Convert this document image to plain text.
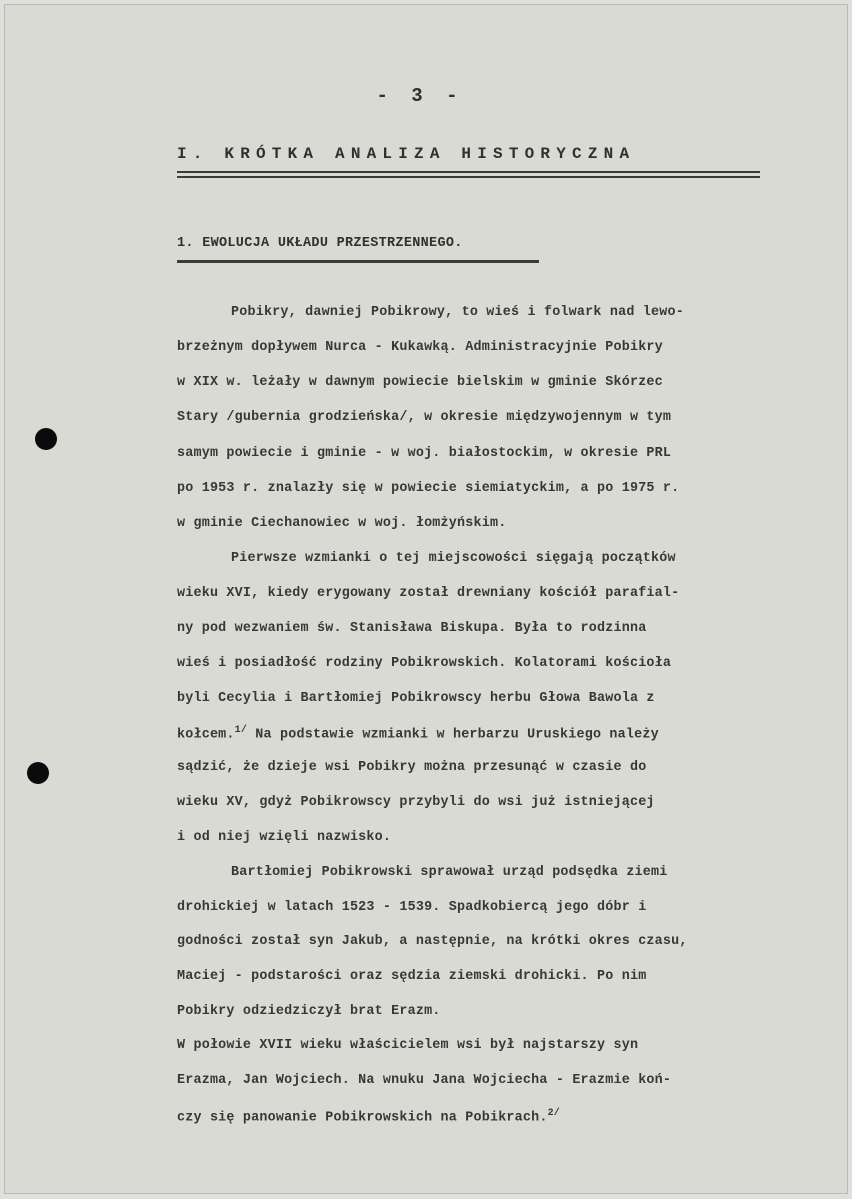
- 3 -
I. KRÓTKA ANALIZA HISTORYCZNA
1. EWOLUCJA UKŁADU PRZESTRZENNEGO.
Pobikry, dawniej Pobikrowy, to wieś i folwark nad lewo-
brzeżnym dopływem Nurca - Kukawką. Administracyjnie Pobikry
w XIX w. leżały w dawnym powiecie bielskim w gminie Skórzec
Stary /gubernia grodzieńska/, w okresie międzywojennym w tym
samym powiecie i gminie - w woj. białostockim, w okresie PRL
po 1953 r. znalazły się w powiecie siemiatyckim, a po 1975 r.
w gminie Ciechanowiec w woj. łomżyńskim.
Pierwsze wzmianki o tej miejscowości sięgają początków
wieku XVI, kiedy erygowany został drewniany kościół parafial-
ny pod wezwaniem św. Stanisława Biskupa. Była to rodzinna
wieś i posiadłość rodziny Pobikrowskich. Kolatorami kościoła
byli Cecylia i Bartłomiej Pobikrowscy herbu Głowa Bawola z
kołcem.$^{1/}$ Na podstawie wzmianki w herbarzu Uruskiego należy
sądzić, że dzieje wsi Pobikry można przesunąć w czasie do
wieku XV, gdyż Pobikrowscy przybyli do wsi już istniejącej
i od niej wzięli nazwisko.
Bartłomiej Pobikrowski sprawował urząd podsędka ziemi
drohickiej w latach 1523 - 1539. Spadkobiercą jego dóbr i
godności został syn Jakub, a następnie, na krótki okres czasu,
Maciej - podstarości oraz sędzia ziemski drohicki. Po nim
Pobikry odziedziczył brat Erazm.
W połowie XVII wieku właścicielem wsi był najstarszy syn
Erazma, Jan Wojciech. Na wnuku Jana Wojciecha - Erazmie koń-
czy się panowanie Pobikrowskich na Pobikrach.$^{2/}$
